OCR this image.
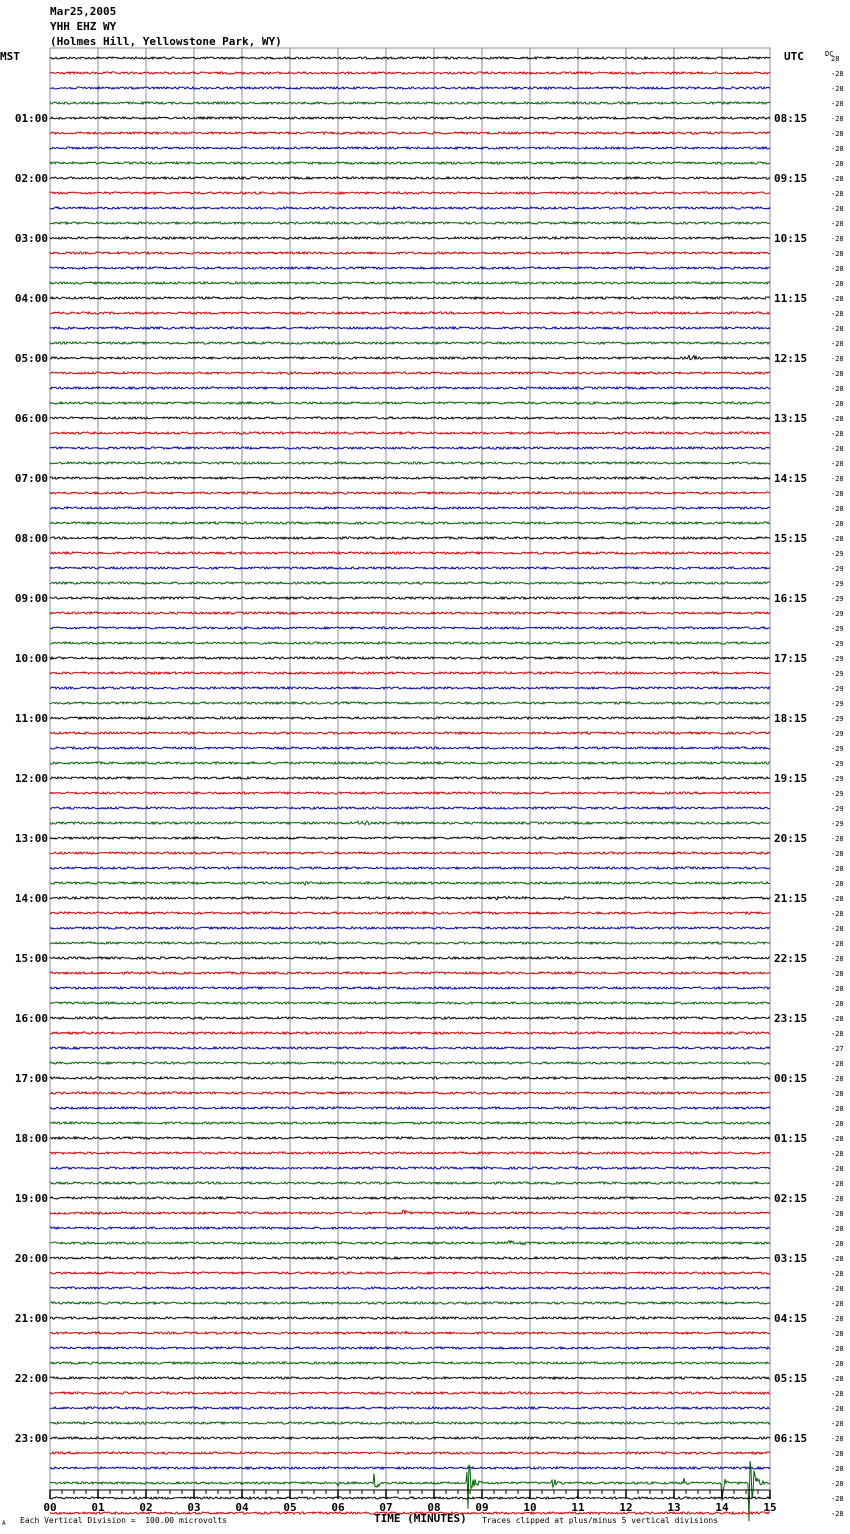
Mar25,2005
YHH EHZ WY
(Holmes Hill, Yellowstone Park, WY)
01:00	08:15
02:00	09:15
03:00	10:15
04:00	11:15
05:00	12:15
06:00	13:15
07:00	14:15
08:00	15:15
09:00	16:15
10:00	17:15
11:00	18:15
12:00	19:15
13:00	20:15
14:00	21:15
15:00	22:15
16:00	23:15
17:00	00:15
18:00	01:15
19:00	02:15
20:00	03:15
21:00	04:15
22:00	05:15
23:00	06:15
28
-28
-28
-28
-28
-28
-28
-28
-28
-28
-28
-28
-28
-28
-28
-28
-28
-28
-28
-28
-28
-28
-28
-28
-28
-28
-28
-28
-28
-28
-28
-28
-28
-29
-29
-29
-29
-29
-29
-29
-29
-29
-29
-29
-29
-29
-29
-29
-29
-29
-29
-29
-28
-28
-28
-28
-28
-28
-28
-28
-28
-28
-28
-28
-28
-28
-27
-28
-28
-28
-28
-28
-28
-28
-28
-28
-28
-28
-28
-28
-28
-28
-28
-28
-28
-28
-28
-28
-28
-28
-28
-28
-28
-28
-28
-28
-28
-28
00	01	02	03	04	05	06	07	08	09	10	11	12	13	14	15
MST	UTC	DC
TIME (MINUTES)
Each Vertical Division =  100.00 microvolts	Traces clipped at plus/minus 5 vertical divisions
A
